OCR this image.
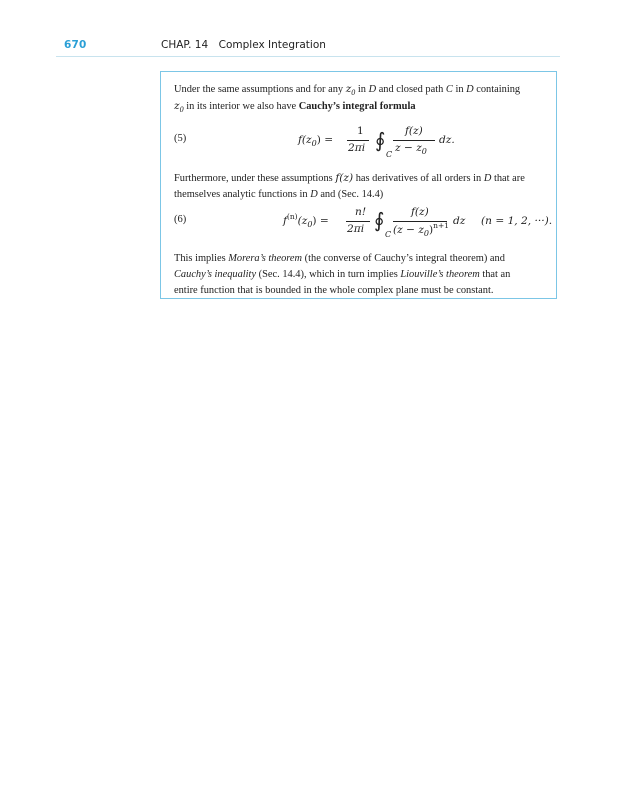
670	CHAP. 14 Complex Integration
Under the same assumptions and for any $z_0$ in D and closed path C in D containing
$z_0$ in its interior we also have Cauchy’s integral formula
(5)	$f(z_0)$ =
1
2πi ∮
C
f(z)
$z - z_0$
dz.
Furthermore, under these assumptions f(z) has derivatives of all orders in D that are
themselves analytic functions in D and (Sec. 14.4)
(6)	$f^{(n)}(z_0)$ =
n!
2πi ∮
C
f(z)
$(z - z_0)^{n+1}$ dz (n = 1, 2, ···).
This implies Morera’s theorem (the converse of Cauchy’s integral theorem) and
Cauchy’s inequality (Sec. 14.4), which in turn implies Liouville’s theorem that an
entire function that is bounded in the whole complex plane must be constant.
